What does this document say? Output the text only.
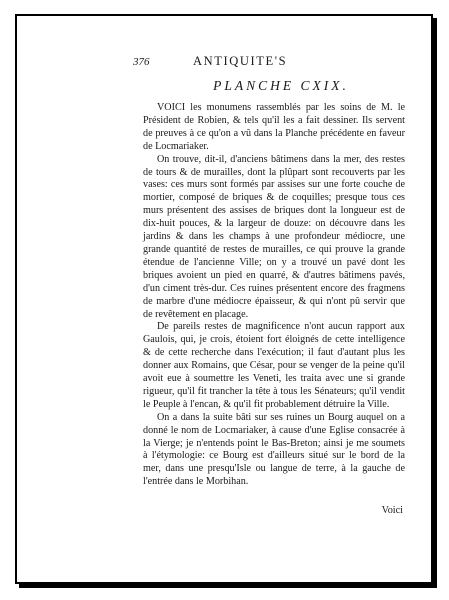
376	ANTIQUITE'S
PLANCHE CXIX.

VOICI les monumens rassemblés par les soins de M. le Président de Robien, & tels qu'il les a fait dessiner. Ils servent de preuves à ce qu'on a vû dans la Planche précédente en faveur de Locmariaker.

On trouve, dit-il, d'anciens bâtimens dans la mer, des restes de tours & de murailles, dont la plûpart sont recouverts par les vases: ces murs sont formés par assises sur une forte couche de mortier, composé de briques & de coquilles; presque tous ces murs présentent des assises de briques dont la longueur est de dix-huit pouces, & la largeur de douze: on découvre dans les jardins & dans les champs à une profondeur médiocre, une grande quantité de restes de murailles, ce qui prouve la grande étendue de l'ancienne Ville; on y a trouvé un pavé dont les briques avoient un pied en quarré, & d'autres bâtimens pavés, d'un ciment très-dur. Ces ruines présentent encore des fragmens de marbre d'une médiocre épaisseur, & qui n'ont pû servir que de revêtement en placage.

De pareils restes de magnificence n'ont aucun rapport aux Gaulois, qui, je crois, étoient fort éloignés de cette intelligence & de cette recherche dans l'exécution; il faut d'autant plus les donner aux Romains, que César, pour se venger de la peine qu'il avoit eue à soumettre les Veneti, les traita avec une si grande rigueur, qu'il fit trancher la tête à tous les Sénateurs; qu'il vendit le Peuple à l'encan, & qu'il fit probablement détruire la Ville.

On a dans la suite bâti sur ses ruines un Bourg auquel on a donné le nom de Locmariaker, à cause d'une Eglise consacrée à la Vierge; je n'entends point le Bas-Breton; ainsi je me soumets à l'étymologie: ce Bourg est d'ailleurs situé sur le bord de la mer, dans une presqu'Isle ou langue de terre, à la gauche de l'entrée dans le Morbihan.

Voici
